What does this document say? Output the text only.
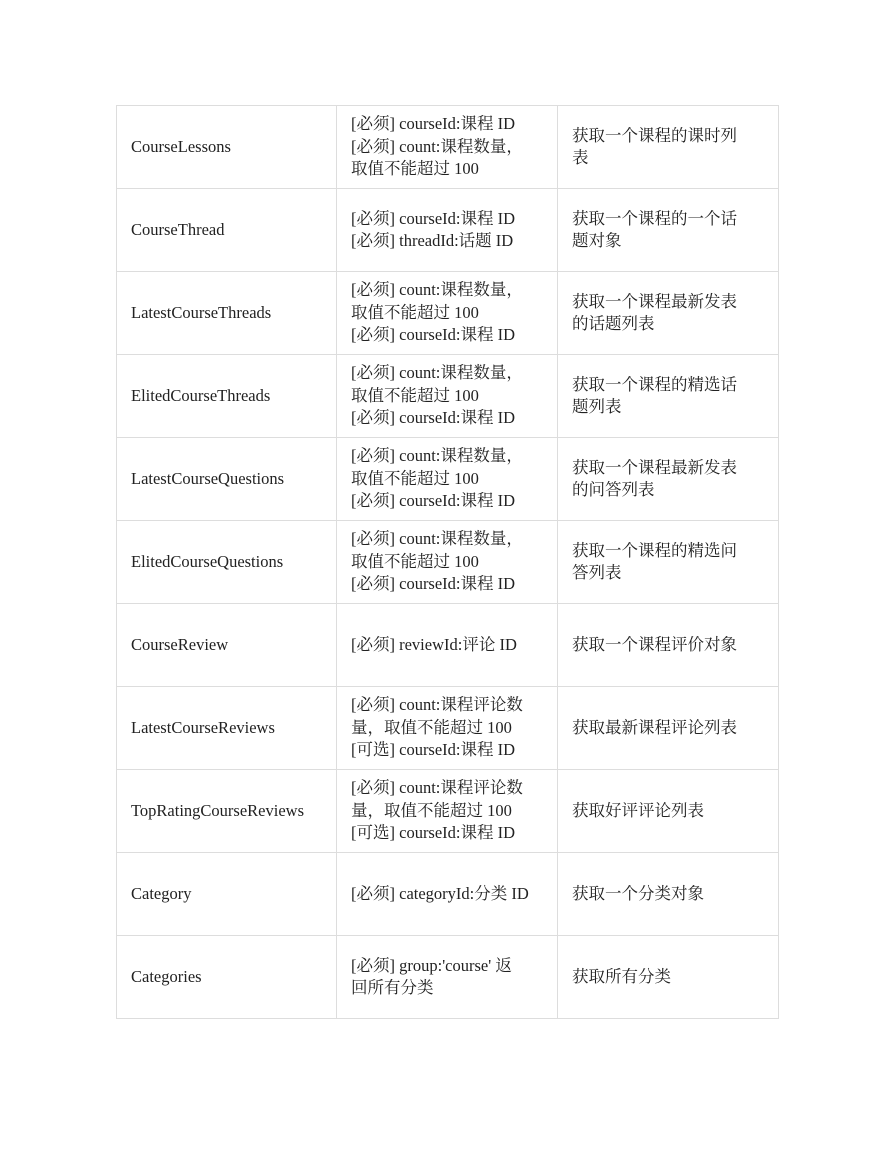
CourseLessons	[必须] courseId:课程 ID
[必须] count:课程数量，
取值不能超过 100	获取一个课程的课时列
表

CourseThread	[必须] courseId:课程 ID
[必须] threadId:话题 ID	获取一个课程的一个话
题对象

LatestCourseThreads	[必须] count:课程数量，
取值不能超过 100
[必须] courseId:课程 ID	获取一个课程最新发表
的话题列表

ElitedCourseThreads	[必须] count:课程数量，
取值不能超过 100
[必须] courseId:课程 ID	获取一个课程的精选话
题列表

LatestCourseQuestions	[必须] count:课程数量，
取值不能超过 100
[必须] courseId:课程 ID	获取一个课程最新发表
的问答列表

ElitedCourseQuestions	[必须] count:课程数量，
取值不能超过 100
[必须] courseId:课程 ID	获取一个课程的精选问
答列表

CourseReview	[必须] reviewId:评论 ID	获取一个课程评价对象

LatestCourseReviews	[必须] count:课程评论数
量，取值不能超过 100
[可选] courseId:课程 ID	获取最新课程评论列表

TopRatingCourseReviews	[必须] count:课程评论数
量，取值不能超过 100
[可选] courseId:课程 ID	获取好评评论列表

Category	[必须] categoryId:分类 ID	获取一个分类对象

Categories	[必须] group:'course' 返
回所有分类	获取所有分类
